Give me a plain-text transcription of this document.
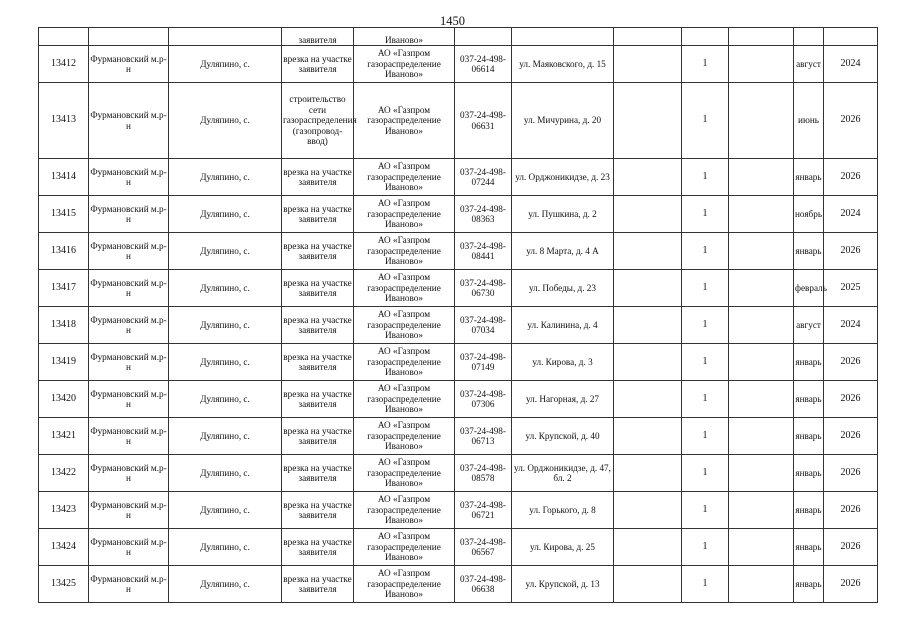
1450
			заявителя	Иваново»							
13412	Фурмановский м.р-н	Дуляпино, с.	врезка на участке заявителя	АО «Газпром газораспределение Иваново»	037-24-498-06614	ул. Маяковского, д. 15		1		август	2024
13413	Фурмановский м.р-н	Дуляпино, с.	строительство сети газораспределения (газопровод-ввод)	АО «Газпром газораспределение Иваново»	037-24-498-06631	ул. Мичурина, д. 20		1		июнь	2026
13414	Фурмановский м.р-н	Дуляпино, с.	врезка на участке заявителя	АО «Газпром газораспределение Иваново»	037-24-498-07244	ул. Орджоникидзе, д. 23		1		январь	2026
13415	Фурмановский м.р-н	Дуляпино, с.	врезка на участке заявителя	АО «Газпром газораспределение Иваново»	037-24-498-08363	ул. Пушкина, д. 2		1		ноябрь	2024
13416	Фурмановский м.р-н	Дуляпино, с.	врезка на участке заявителя	АО «Газпром газораспределение Иваново»	037-24-498-08441	ул. 8 Марта, д. 4 А		1		январь	2026
13417	Фурмановский м.р-н	Дуляпино, с.	врезка на участке заявителя	АО «Газпром газораспределение Иваново»	037-24-498-06730	ул. Победы, д. 23		1		февраль	2025
13418	Фурмановский м.р-н	Дуляпино, с.	врезка на участке заявителя	АО «Газпром газораспределение Иваново»	037-24-498-07034	ул. Калинина, д. 4		1		август	2024
13419	Фурмановский м.р-н	Дуляпино, с.	врезка на участке заявителя	АО «Газпром газораспределение Иваново»	037-24-498-07149	ул. Кирова, д. 3		1		январь	2026
13420	Фурмановский м.р-н	Дуляпино, с.	врезка на участке заявителя	АО «Газпром газораспределение Иваново»	037-24-498-07306	ул. Нагорная, д. 27		1		январь	2026
13421	Фурмановский м.р-н	Дуляпино, с.	врезка на участке заявителя	АО «Газпром газораспределение Иваново»	037-24-498-06713	ул. Крупской, д. 40		1		январь	2026
13422	Фурмановский м.р-н	Дуляпино, с.	врезка на участке заявителя	АО «Газпром газораспределение Иваново»	037-24-498-08578	ул. Орджоникидзе, д. 47, бл. 2		1		январь	2026
13423	Фурмановский м.р-н	Дуляпино, с.	врезка на участке заявителя	АО «Газпром газораспределение Иваново»	037-24-498-06721	ул. Горького, д. 8		1		январь	2026
13424	Фурмановский м.р-н	Дуляпино, с.	врезка на участке заявителя	АО «Газпром газораспределение Иваново»	037-24-498-06567	ул. Кирова, д. 25		1		январь	2026
13425	Фурмановский м.р-н	Дуляпино, с.	врезка на участке заявителя	АО «Газпром газораспределение Иваново»	037-24-498-06638	ул. Крупской, д. 13		1		январь	2026
